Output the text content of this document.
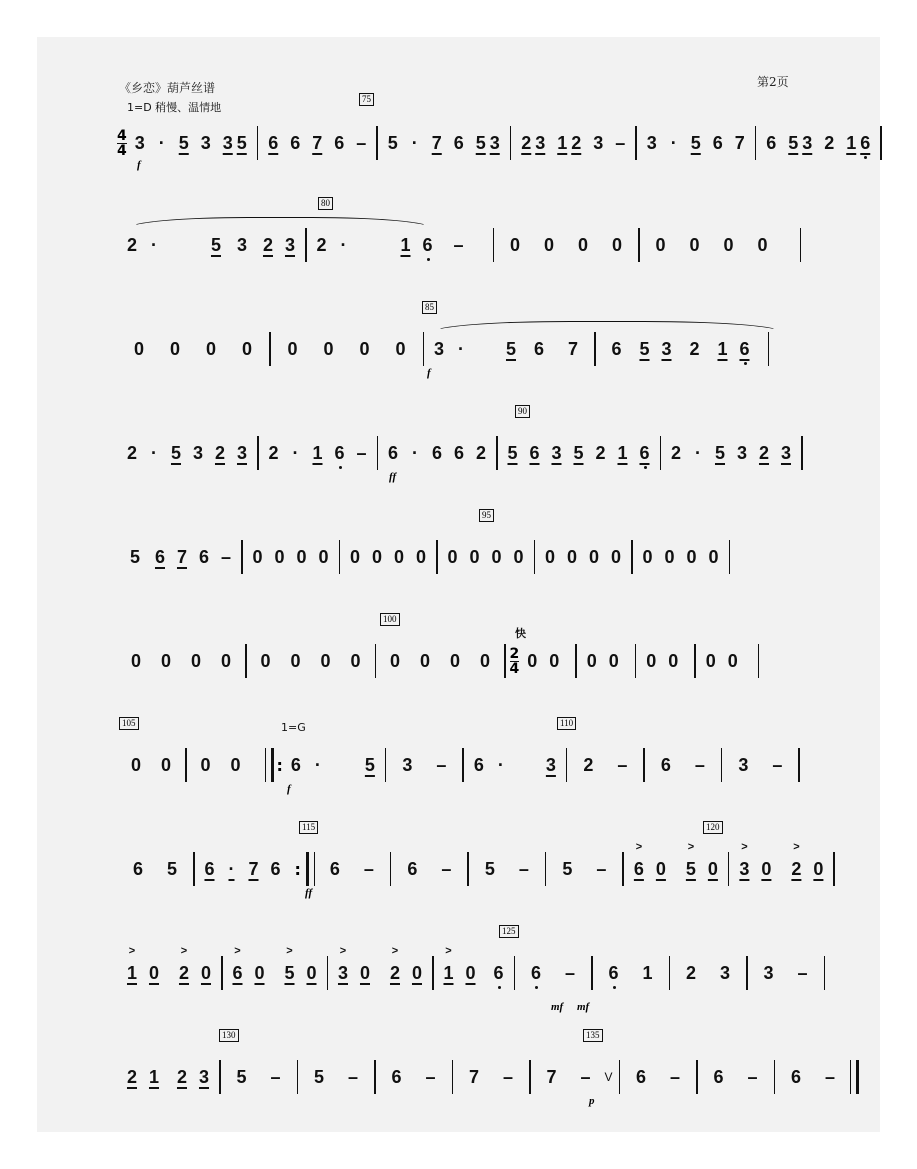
《乡恋》葫芦丝谱	第2页
1=D 稍慢、温情地
75
4
4 3 · 5 3 3 5	6 6 7 6 –	5 · 7 6 5 3	2 3 1 2 3 –	3 · 5 6 7	6 5 3 2 1 6
f
80
2 ·	5 3 2 3	2 ·	1 6	–	0	0	0	0	0	0	0	0
85
0	0	0	0	0	0	0	0	3 ·	5 6	7	6 5 3 2 1 6
f
90
2 · 5 3 2 3	2 · 1 6 –	6 · 6 6 2	5 6 3 5 2 1 6	2 · 5 3 2 3
ff
95
5 6 7 6 –	0 0 0 0	0 0 0 0	0 0 0 0	0 0 0 0	0 0 0 0
100
快
0	0	0	0	0	0	0	0	0	0	0	0	2
4 0 0	0 0	0 0	0 0
105	110
1=G
0	0	0	0	: 6 ·	5	3	–	6 ·	3	2	–	6	–	3	–
f
115	120
6	5	6 · 7 6 :	6	–	6	–	5	–	5	–	> 6 0	> 5 0	> 3 0	> 2 0
ff
125
> 1 0	> 2 0	> 6 0	> 5 0	> 3 0	> 2 0	> 1 0 6	6	–	6	1	2	3	3	–
mf mf
130	135
2 1 2 3	5	–	5	–	6	–	7	–	7	–	V	6	–	6	–	6	–
p
